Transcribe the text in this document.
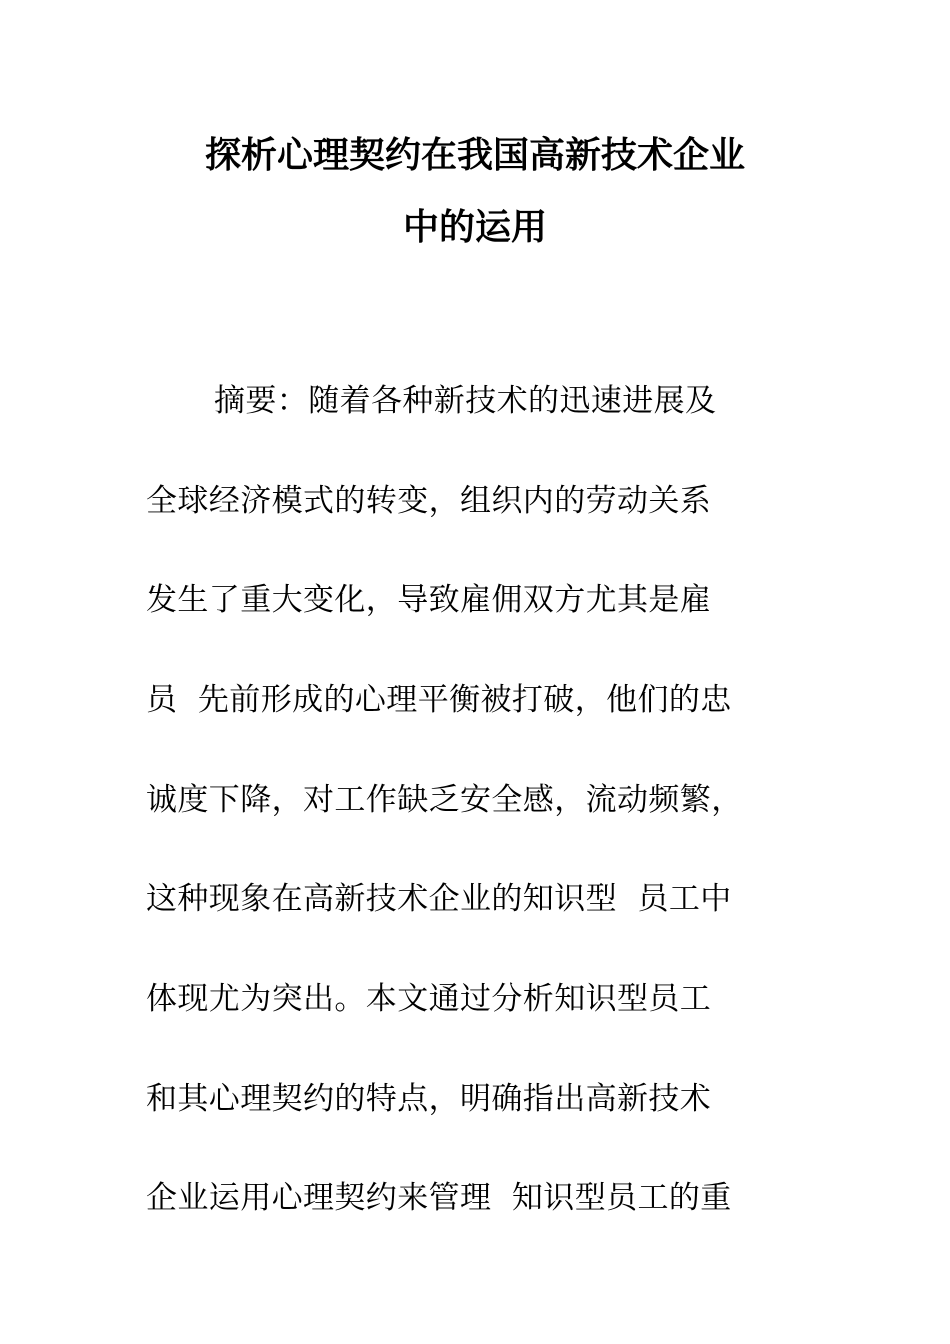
探析心理契约在我国高新技术企业
中的运用
摘要：随着各种新技术的迅速进展及
全球经济模式的转变，组织内的劳动关系
发生了重大变化，导致雇佣双方尤其是雇
员  先前形成的心理平衡被打破，他们的忠
诚度下降，对工作缺乏安全感，流动频繁，
这种现象在高新技术企业的知识型  员工中
体现尤为突出。本文通过分析知识型员工
和其心理契约的特点，明确指出高新技术
企业运用心理契约来管理  知识型员工的重
